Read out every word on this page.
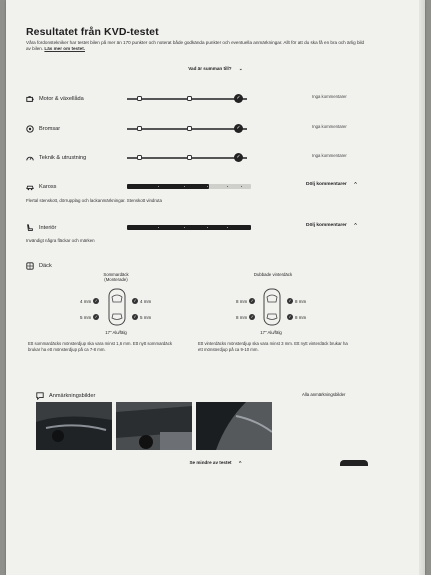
Resultatet från KVD-testet
Våra fordonstekniker har testet bilen på mer än 170 punkter och noterat både godkända punkter och eventuella anmärkningar. Allt för att du ska få en bra och ärlig bild av bilen. Läs mer om testet.
Vad är summan till? ⌄
Motor & växellåda	✓	Inga kommentarer
Bromsar	✓	Inga kommentarer
Teknik & utrustning	✓	Inga kommentarer
Kaross	Dölj kommentarer ^
Flertal stenskott, dörrupplag och lackanmärkningar. Stenskott vindruta
Interiör	Dölj kommentarer ^
Invändigt några fläckar och märken
Däck
Sommardäck
(Monterade)
4 mm ✓
5 mm ✓
✓ 4 mm
✓ 5 mm
17" Alu/fälg
Ett sommardäcks mönsterdjup ska vara minst 1,6 mm. Ett nytt sommardäck brukar ha ett mönsterdjup på ca 7-8 mm.
Dubbade vinterdäck
8 mm ✓
8 mm ✓
✓ 8 mm
✓ 8 mm
17" Alu/fälg
Ett vinterdäcks mönsterdjup ska vara minst 3 mm. Ett nytt vinterdäck brukar ha ett mönsterdjup på ca 9-10 mm.
Anmärkningsbilder	Alla anmärkningsbilder
Se mindre av testet ^
